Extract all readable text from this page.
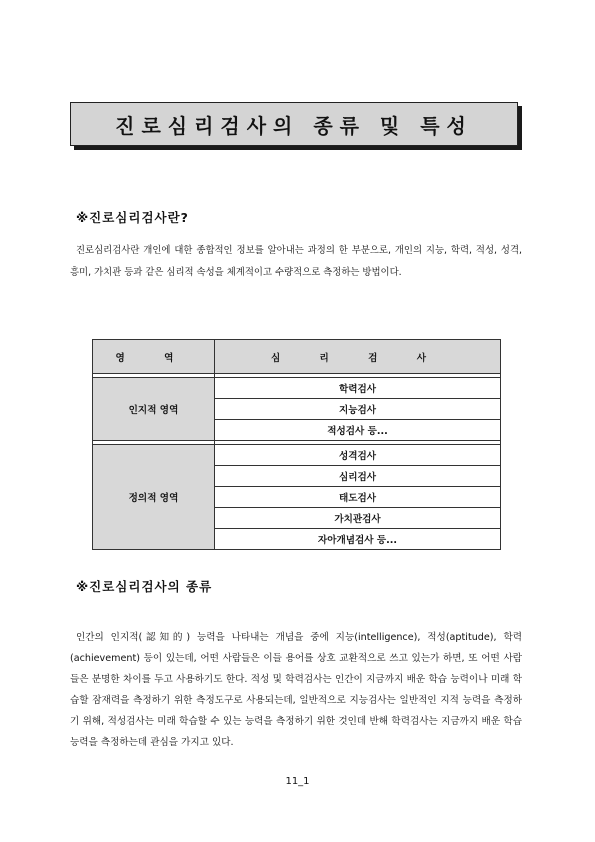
진로심리검사의 종류 및 특성
※진로심리검사란?
진로심리검사란 개인에 대한 종합적인 정보를 알아내는 과정의 한 부분으로, 개인의 지능, 학력, 적성, 성격, 흥미, 가치관 등과 같은 심리적 속성을 체계적이고 수량적으로 측정하는 방법이다.
영 역	심 리 검 사

인지적 영역	학력검사
	지능검사
	적성검사 등...

정의적 영역	성격검사
	심리검사
	태도검사
	가치관검사
	자아개념검사 등...
※진로심리검사의 종류
인간의 인지적(認知的) 능력을 나타내는 개념을 중에 지능(intelligence), 적성(aptitude), 학력(achievement) 등이 있는데, 어떤 사람들은 이들 용어를 상호 교환적으로 쓰고 있는가 하면, 또 어떤 사람들은 분명한 차이를 두고 사용하기도 한다. 적성 및 학력검사는 인간이 지금까지 배운 학습 능력이나 미래 학습할 잠재력을 측정하기 위한 측정도구로 사용되는데, 일반적으로 지능검사는 일반적인 지적 능력을 측정하기 위해, 적성검사는 미래 학습할 수 있는 능력을 측정하기 위한 것인데 반해 학력검사는 지금까지 배운 학습 능력을 측정하는데 관심을 가지고 있다.
11_1
